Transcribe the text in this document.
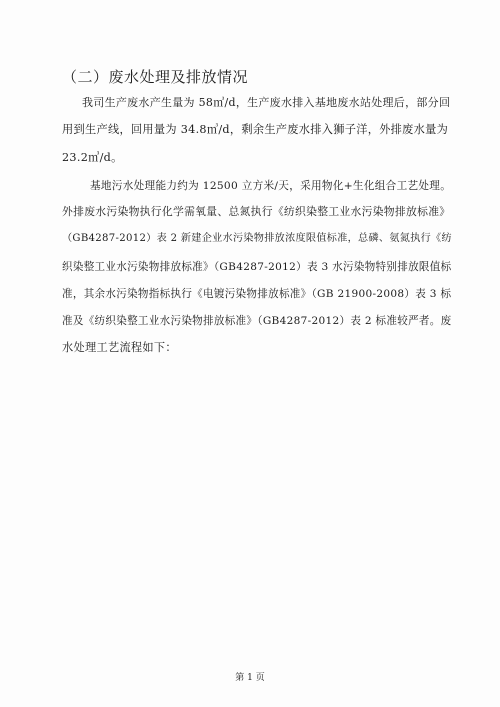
（二）废水处理及排放情况
我司生产废水产生量为 58㎥/d，生产废水排入基地废水站处理后，部分回
用到生产线，回用量为 34.8㎥/d，剩余生产废水排入狮子洋，外排废水量为
23.2㎥/d。
基地污水处理能力约为 12500 立方米/天，采用物化+生化组合工艺处理。
外排废水污染物执行化学需氧量、总氮执行《纺织染整工业水污染物排放标准》
（GB4287-2012）表 2 新建企业水污染物排放浓度限值标准，总磷、氨氮执行《纺
织染整工业水污染物排放标准》（GB4287-2012）表 3 水污染物特别排放限值标
准，其余水污染物指标执行《电镀污染物排放标准》（GB 21900-2008）表 3 标
准及《纺织染整工业水污染物排放标准》（GB4287-2012）表 2 标准较严者。废
水处理工艺流程如下：
第 1 页
